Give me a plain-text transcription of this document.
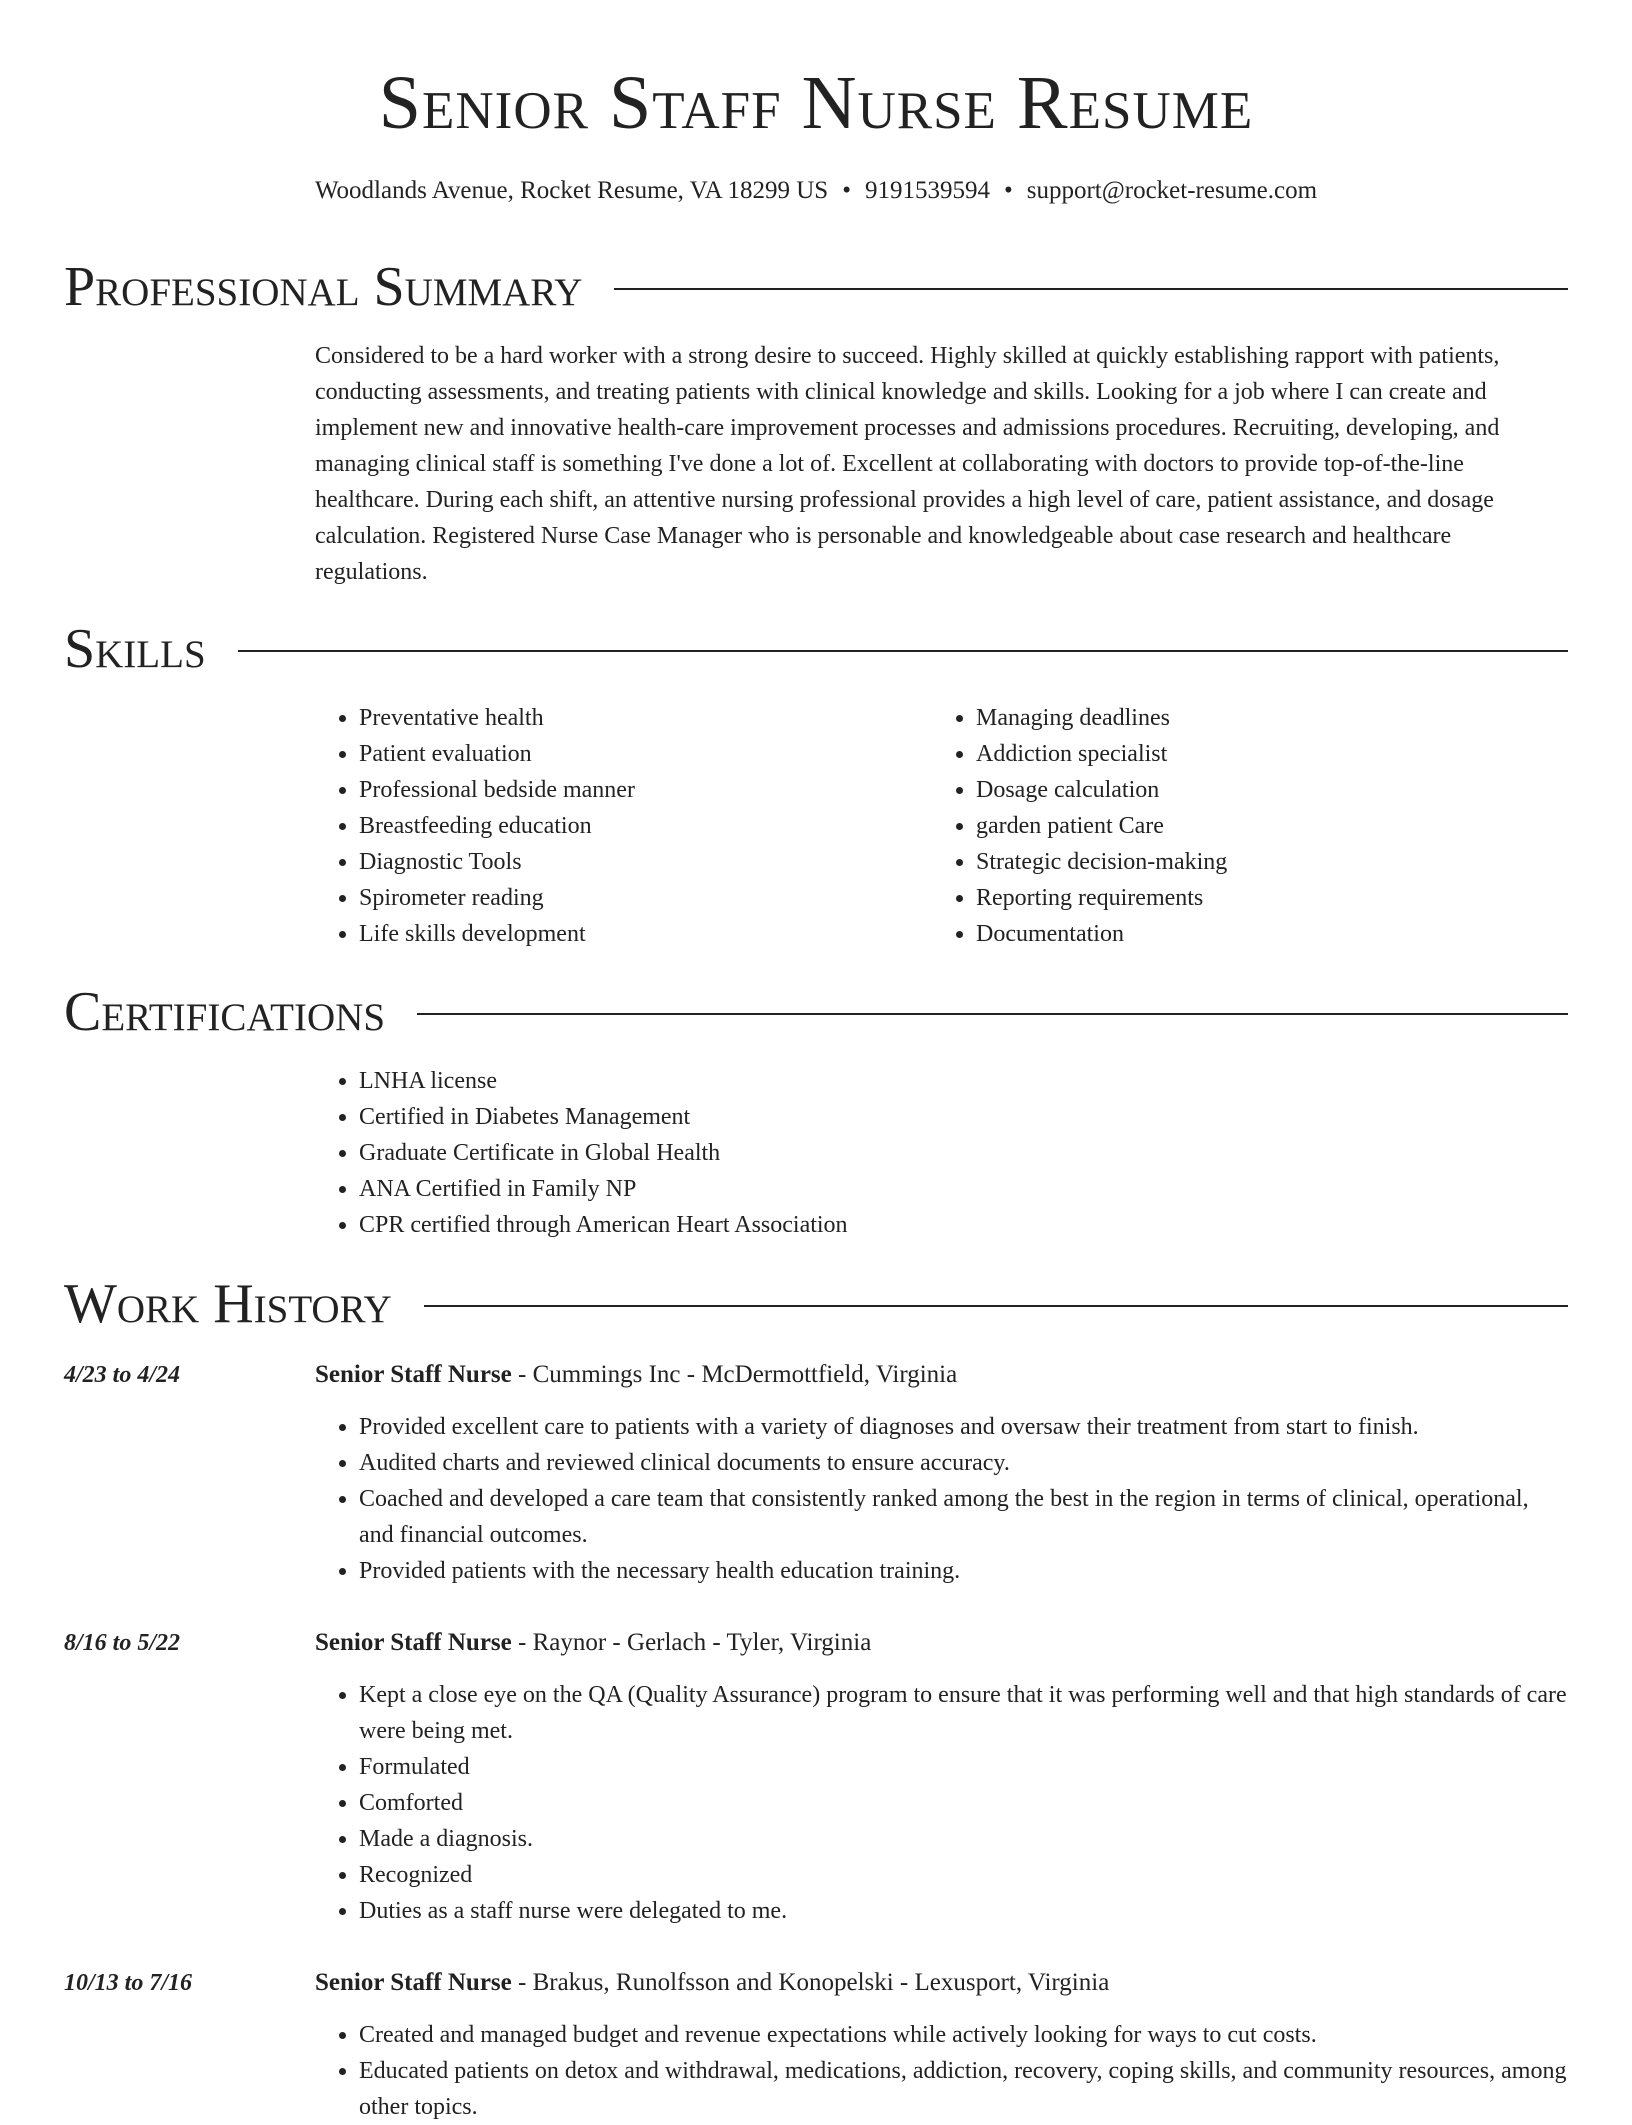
Senior Staff Nurse Resume
Woodlands Avenue, Rocket Resume, VA 18299 US • 9191539594 • support@rocket-resume.com
Professional Summary
Considered to be a hard worker with a strong desire to succeed. Highly skilled at quickly establishing rapport with patients, conducting assessments, and treating patients with clinical knowledge and skills. Looking for a job where I can create and implement new and innovative health-care improvement processes and admissions procedures. Recruiting, developing, and managing clinical staff is something I've done a lot of. Excellent at collaborating with doctors to provide top-of-the-line healthcare. During each shift, an attentive nursing professional provides a high level of care, patient assistance, and dosage calculation. Registered Nurse Case Manager who is personable and knowledgeable about case research and healthcare regulations.
Skills
• Preventative health
• Patient evaluation
• Professional bedside manner
• Breastfeeding education
• Diagnostic Tools
• Spirometer reading
• Life skills development
• Managing deadlines
• Addiction specialist
• Dosage calculation
• garden patient Care
• Strategic decision-making
• Reporting requirements
• Documentation
Certifications
• LNHA license
• Certified in Diabetes Management
• Graduate Certificate in Global Health
• ANA Certified in Family NP
• CPR certified through American Heart Association
Work History
4/23 to 4/24	Senior Staff Nurse - Cummings Inc - McDermottfield, Virginia
• Provided excellent care to patients with a variety of diagnoses and oversaw their treatment from start to finish.
• Audited charts and reviewed clinical documents to ensure accuracy.
• Coached and developed a care team that consistently ranked among the best in the region in terms of clinical, operational, and financial outcomes.
• Provided patients with the necessary health education training.
8/16 to 5/22	Senior Staff Nurse - Raynor - Gerlach - Tyler, Virginia
• Kept a close eye on the QA (Quality Assurance) program to ensure that it was performing well and that high standards of care were being met.
• Formulated
• Comforted
• Made a diagnosis.
• Recognized
• Duties as a staff nurse were delegated to me.
10/13 to 7/16	Senior Staff Nurse - Brakus, Runolfsson and Konopelski - Lexusport, Virginia
• Created and managed budget and revenue expectations while actively looking for ways to cut costs.
• Educated patients on detox and withdrawal, medications, addiction, recovery, coping skills, and community resources, among other topics.
